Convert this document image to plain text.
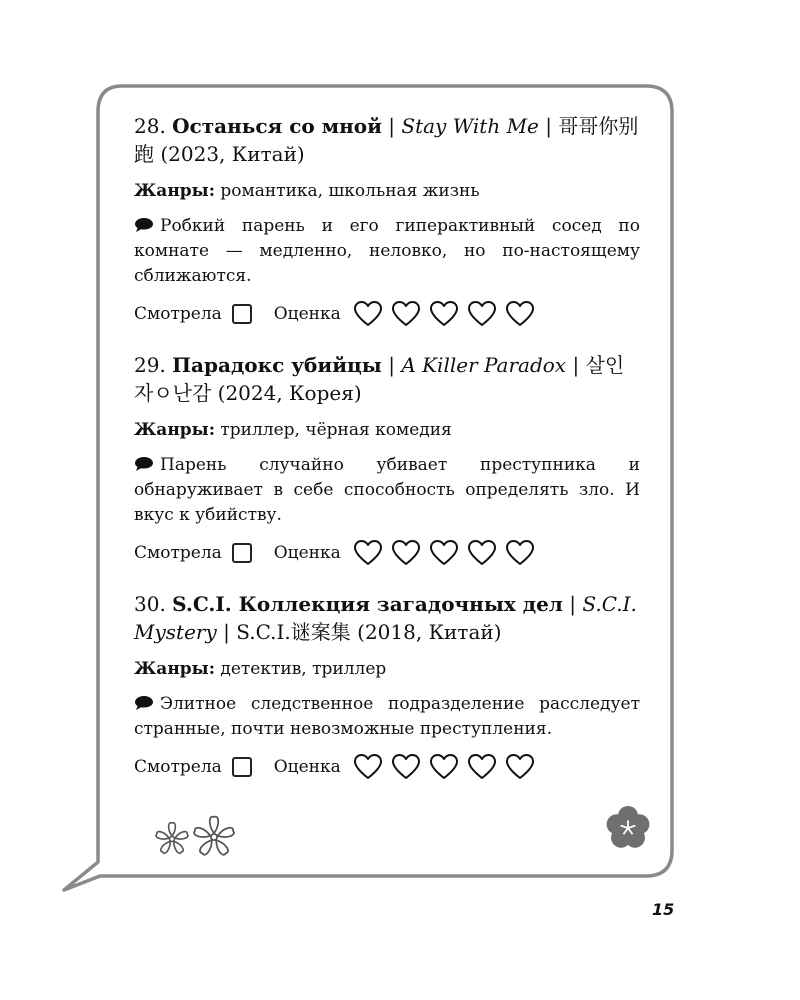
28. Останься со мной | Stay With Me | 哥哥你别跑 (2023, Китай)
Жанры: романтика, школьная жизнь
Робкий парень и его гиперактивный сосед по комнате — медленно, неловко, но по-настоящему сближаются.
Смотрела	Оценка
29. Парадокс убийцы | A Killer Paradox | 살인자ㅇ난감 (2024, Корея)
Жанры: триллер, чёрная комедия
Парень случайно убивает преступника и обнаруживает в себе способность определять зло. И вкус к убийству.
Смотрела	Оценка
30. S.C.I. Коллекция загадочных дел | S.C.I. Mystery | S.C.I.谜案集 (2018, Китай)
Жанры: детектив, триллер
Элитное следственное подразделение расследует странные, почти невозможные преступления.
Смотрела	Оценка
15
